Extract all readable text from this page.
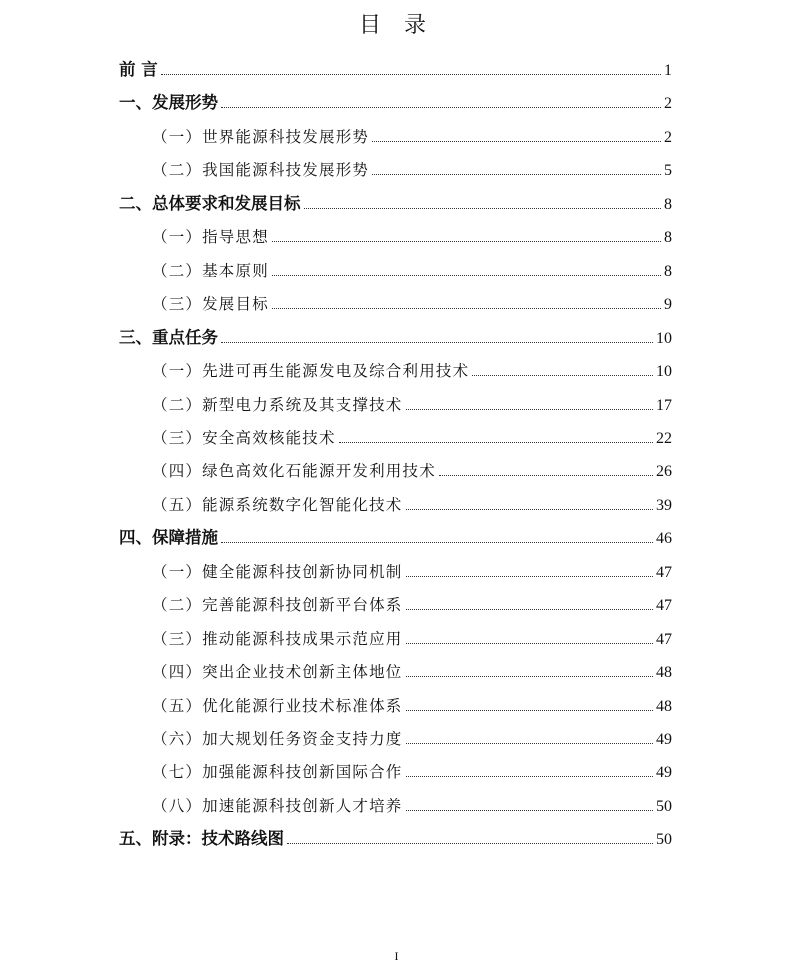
目 录
前 言	1
一、发展形势	2
（一）世界能源科技发展形势	2
（二）我国能源科技发展形势	5
二、总体要求和发展目标	8
（一）指导思想	8
（二）基本原则	8
（三）发展目标	9
三、重点任务	10
（一）先进可再生能源发电及综合利用技术	10
（二）新型电力系统及其支撑技术	17
（三）安全高效核能技术	22
（四）绿色高效化石能源开发利用技术	26
（五）能源系统数字化智能化技术	39
四、保障措施	46
（一）健全能源科技创新协同机制	47
（二）完善能源科技创新平台体系	47
（三）推动能源科技成果示范应用	47
（四）突出企业技术创新主体地位	48
（五）优化能源行业技术标准体系	48
（六）加大规划任务资金支持力度	49
（七）加强能源科技创新国际合作	49
（八）加速能源科技创新人才培养	50
五、附录：技术路线图	50
I
